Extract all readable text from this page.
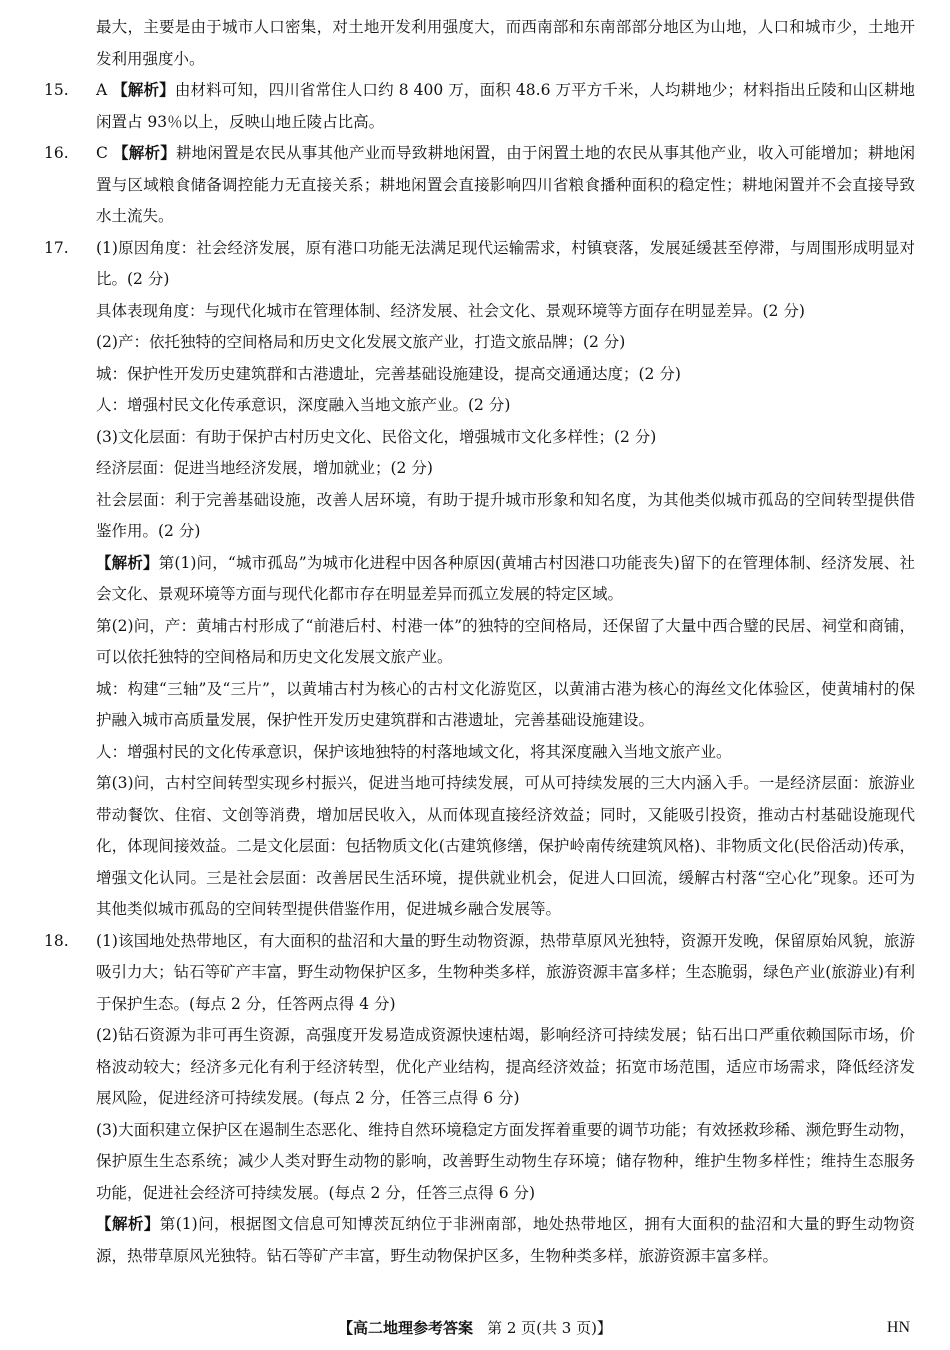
最大，主要是由于城市人口密集，对土地开发利用强度大，而西南部和东南部部分地区为山地，人口和城市少，土地开发利用强度小。

15. A 【解析】由材料可知，四川省常住人口约 8 400 万，面积 48.6 万平方千米，人均耕地少；材料指出丘陵和山区耕地闲置占 93％以上，反映山地丘陵占比高。

16. C 【解析】耕地闲置是农民从事其他产业而导致耕地闲置，由于闲置土地的农民从事其他产业，收入可能增加；耕地闲置与区域粮食储备调控能力无直接关系；耕地闲置会直接影响四川省粮食播种面积的稳定性；耕地闲置并不会直接导致水土流失。

17. (1)原因角度：社会经济发展，原有港口功能无法满足现代运输需求，村镇衰落，发展延缓甚至停滞，与周围形成明显对比。(2 分)

具体表现角度：与现代化城市在管理体制、经济发展、社会文化、景观环境等方面存在明显差异。(2 分)

(2)产：依托独特的空间格局和历史文化发展文旅产业，打造文旅品牌；(2 分)

城：保护性开发历史建筑群和古港遗址，完善基础设施建设，提高交通通达度；(2 分)

人：增强村民文化传承意识，深度融入当地文旅产业。(2 分)

(3)文化层面：有助于保护古村历史文化、民俗文化，增强城市文化多样性；(2 分)

经济层面：促进当地经济发展，增加就业；(2 分)

社会层面：利于完善基础设施，改善人居环境，有助于提升城市形象和知名度，为其他类似城市孤岛的空间转型提供借鉴作用。(2 分)

【解析】第(1)问，“城市孤岛”为城市化进程中因各种原因(黄埔古村因港口功能丧失)留下的在管理体制、经济发展、社会文化、景观环境等方面与现代化都市存在明显差异而孤立发展的特定区域。

第(2)问，产：黄埔古村形成了“前港后村、村港一体”的独特的空间格局，还保留了大量中西合璧的民居、祠堂和商铺，可以依托独特的空间格局和历史文化发展文旅产业。

城：构建“三轴”及“三片”，以黄埔古村为核心的古村文化游览区，以黄浦古港为核心的海丝文化体验区，使黄埔村的保护融入城市高质量发展，保护性开发历史建筑群和古港遗址，完善基础设施建设。

人：增强村民的文化传承意识，保护该地独特的村落地域文化，将其深度融入当地文旅产业。

第(3)问，古村空间转型实现乡村振兴，促进当地可持续发展，可从可持续发展的三大内涵入手。一是经济层面：旅游业带动餐饮、住宿、文创等消费，增加居民收入，从而体现直接经济效益；同时，又能吸引投资，推动古村基础设施现代化，体现间接效益。二是文化层面：包括物质文化(古建筑修缮，保护岭南传统建筑风格)、非物质文化(民俗活动)传承，增强文化认同。三是社会层面：改善居民生活环境，提供就业机会，促进人口回流，缓解古村落“空心化”现象。还可为其他类似城市孤岛的空间转型提供借鉴作用，促进城乡融合发展等。

18. (1)该国地处热带地区，有大面积的盐沼和大量的野生动物资源，热带草原风光独特，资源开发晚，保留原始风貌，旅游吸引力大；钻石等矿产丰富，野生动物保护区多，生物种类多样，旅游资源丰富多样；生态脆弱，绿色产业(旅游业)有利于保护生态。(每点 2 分，任答两点得 4 分)

(2)钻石资源为非可再生资源，高强度开发易造成资源快速枯竭，影响经济可持续发展；钻石出口严重依赖国际市场，价格波动较大；经济多元化有利于经济转型，优化产业结构，提高经济效益；拓宽市场范围，适应市场需求，降低经济发展风险，促进经济可持续发展。(每点 2 分，任答三点得 6 分)

(3)大面积建立保护区在遏制生态恶化、维持自然环境稳定方面发挥着重要的调节功能；有效拯救珍稀、濒危野生动物，保护原生生态系统；减少人类对野生动物的影响，改善野生动物生存环境；储存物种，维护生物多样性；维持生态服务功能，促进社会经济可持续发展。(每点 2 分，任答三点得 6 分)

【解析】第(1)问，根据图文信息可知博茨瓦纳位于非洲南部，地处热带地区，拥有大面积的盐沼和大量的野生动物资源，热带草原风光独特。钻石等矿产丰富，野生动物保护区多，生物种类多样，旅游资源丰富多样。

【高二地理参考答案 第 2 页(共 3 页)】	HN
